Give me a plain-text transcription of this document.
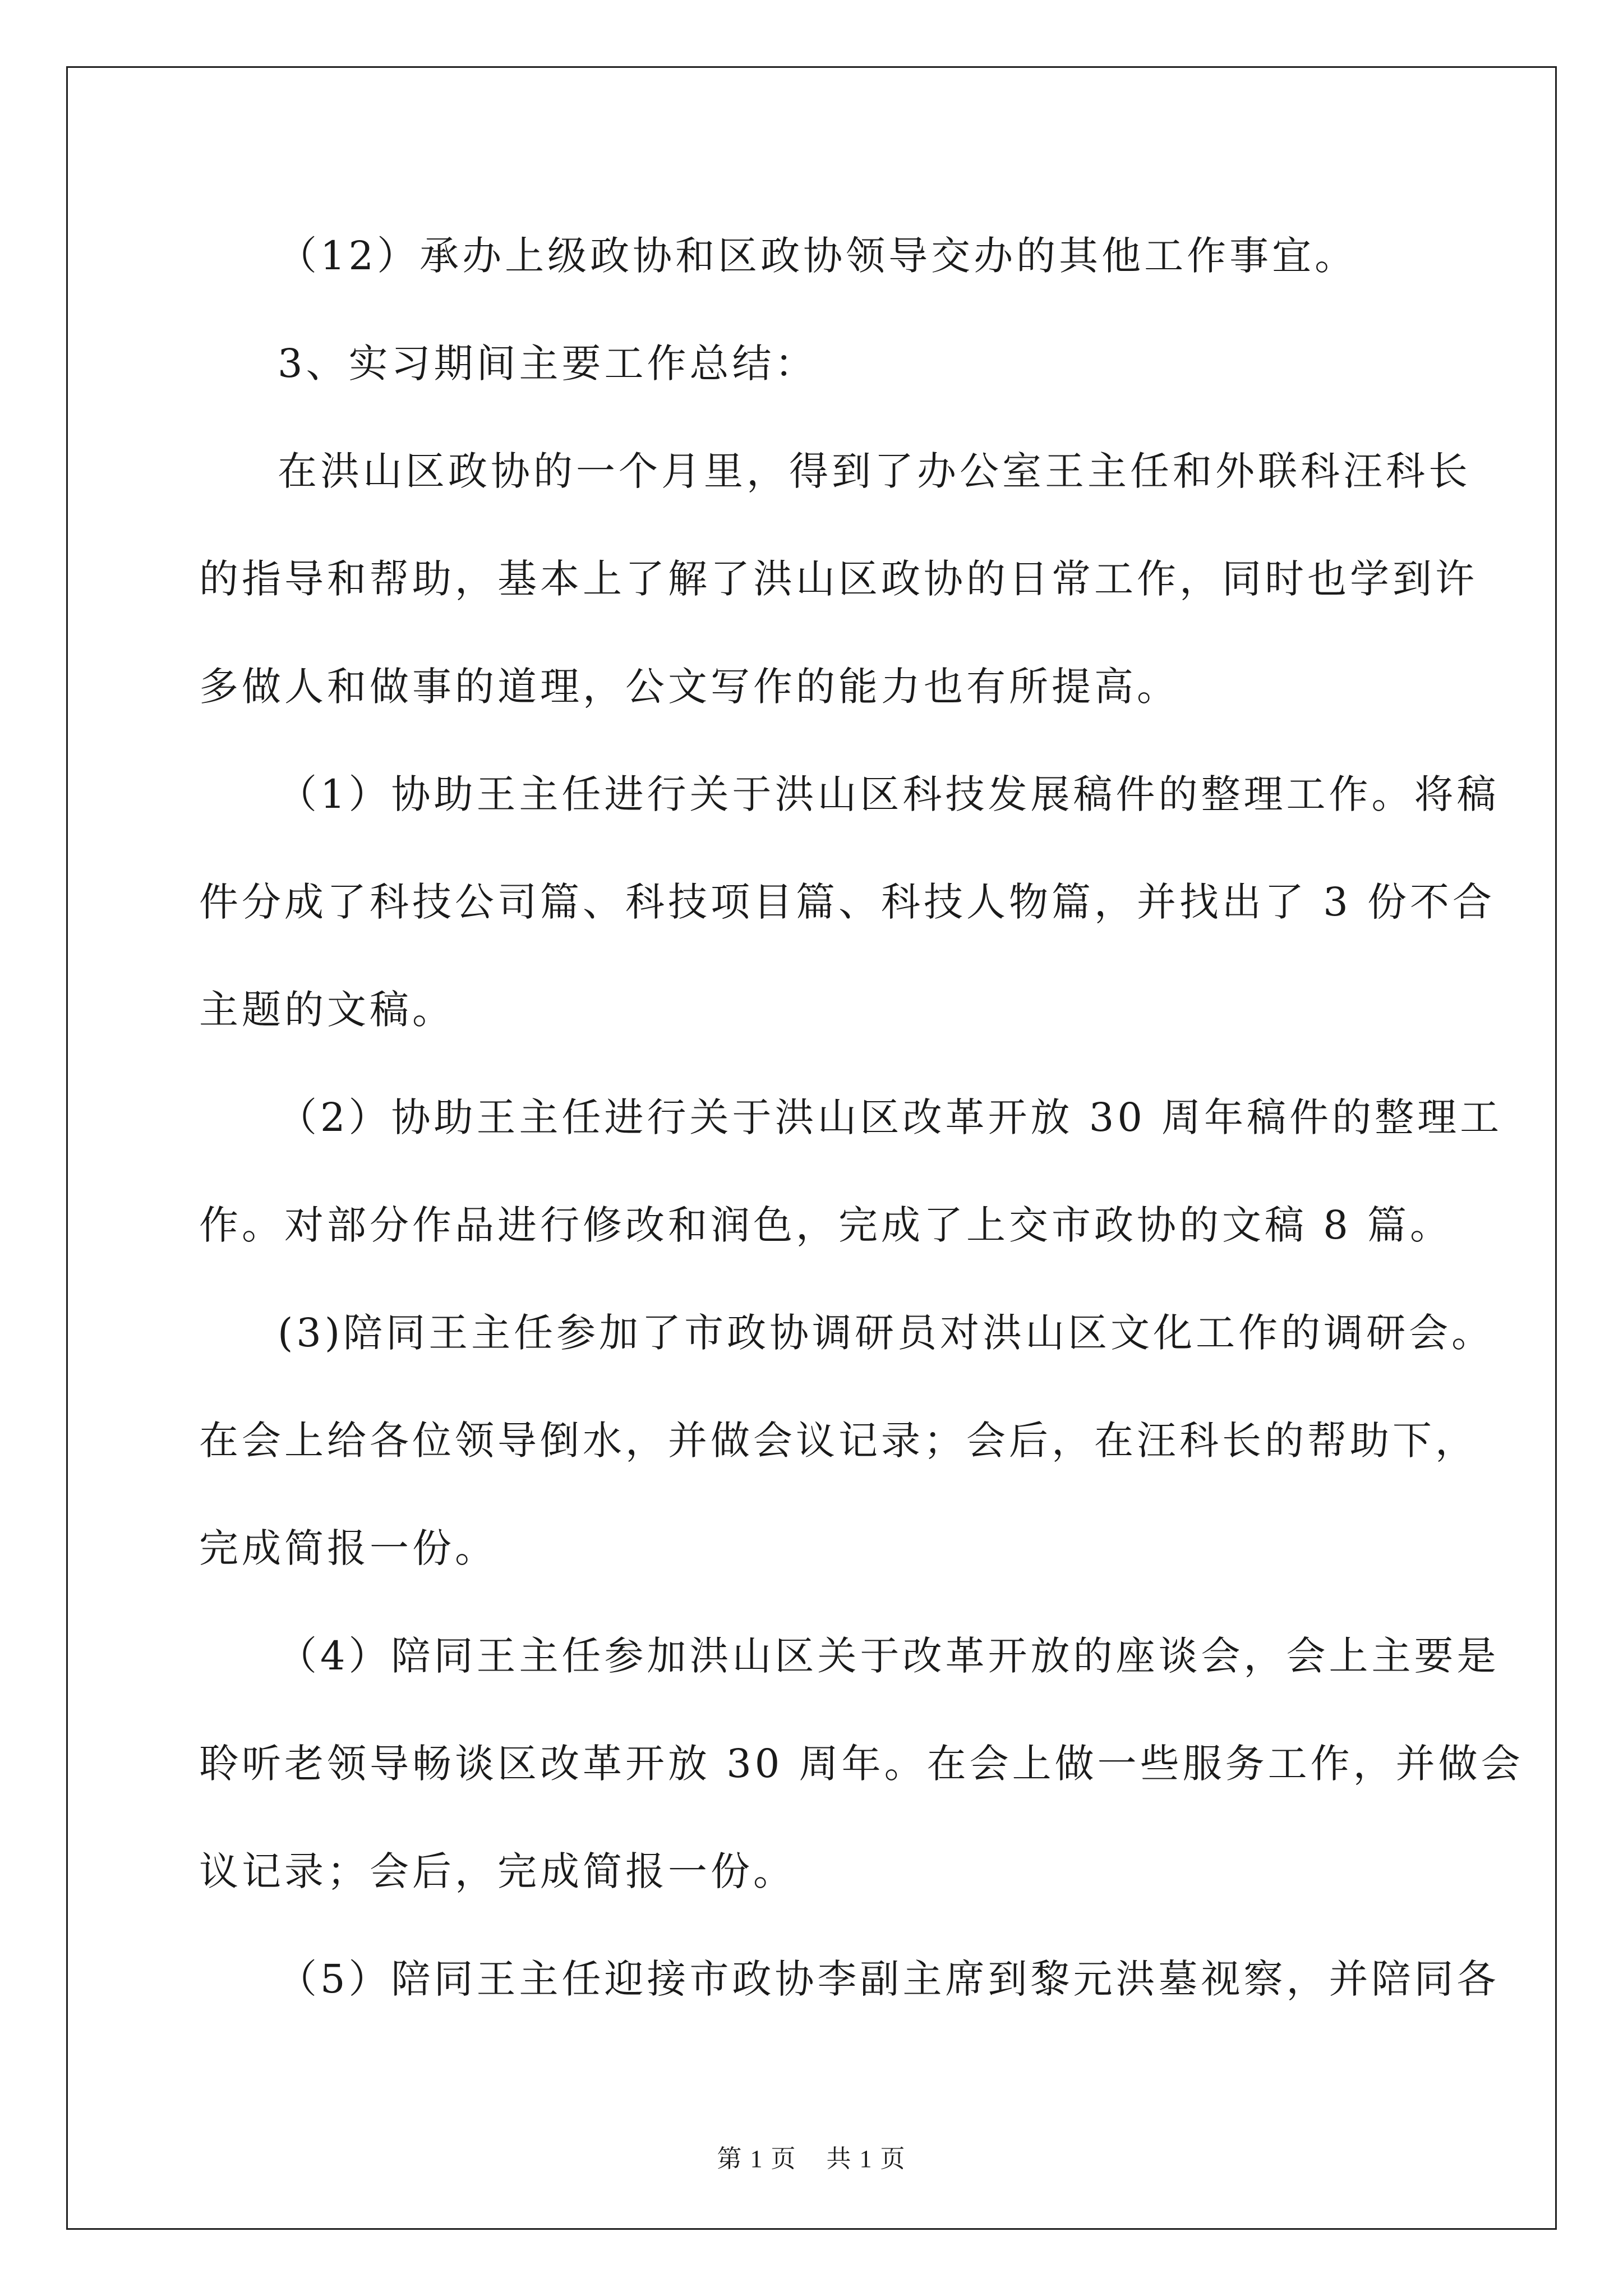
（12）承办上级政协和区政协领导交办的其他工作事宜。
3、实习期间主要工作总结：
在洪山区政协的一个月里，得到了办公室王主任和外联科汪科长
的指导和帮助，基本上了解了洪山区政协的日常工作，同时也学到许
多做人和做事的道理，公文写作的能力也有所提高。
（1）协助王主任进行关于洪山区科技发展稿件的整理工作。将稿
件分成了科技公司篇、科技项目篇、科技人物篇，并找出了 3 份不合
主题的文稿。
（2）协助王主任进行关于洪山区改革开放 30 周年稿件的整理工
作。对部分作品进行修改和润色，完成了上交市政协的文稿 8 篇。
(3)陪同王主任参加了市政协调研员对洪山区文化工作的调研会。
在会上给各位领导倒水，并做会议记录；会后，在汪科长的帮助下，
完成简报一份。
（4）陪同王主任参加洪山区关于改革开放的座谈会，会上主要是
聆听老领导畅谈区改革开放 30 周年。在会上做一些服务工作，并做会
议记录；会后，完成简报一份。
（5）陪同王主任迎接市政协李副主席到黎元洪墓视察，并陪同各

第 1 页 共 1 页
